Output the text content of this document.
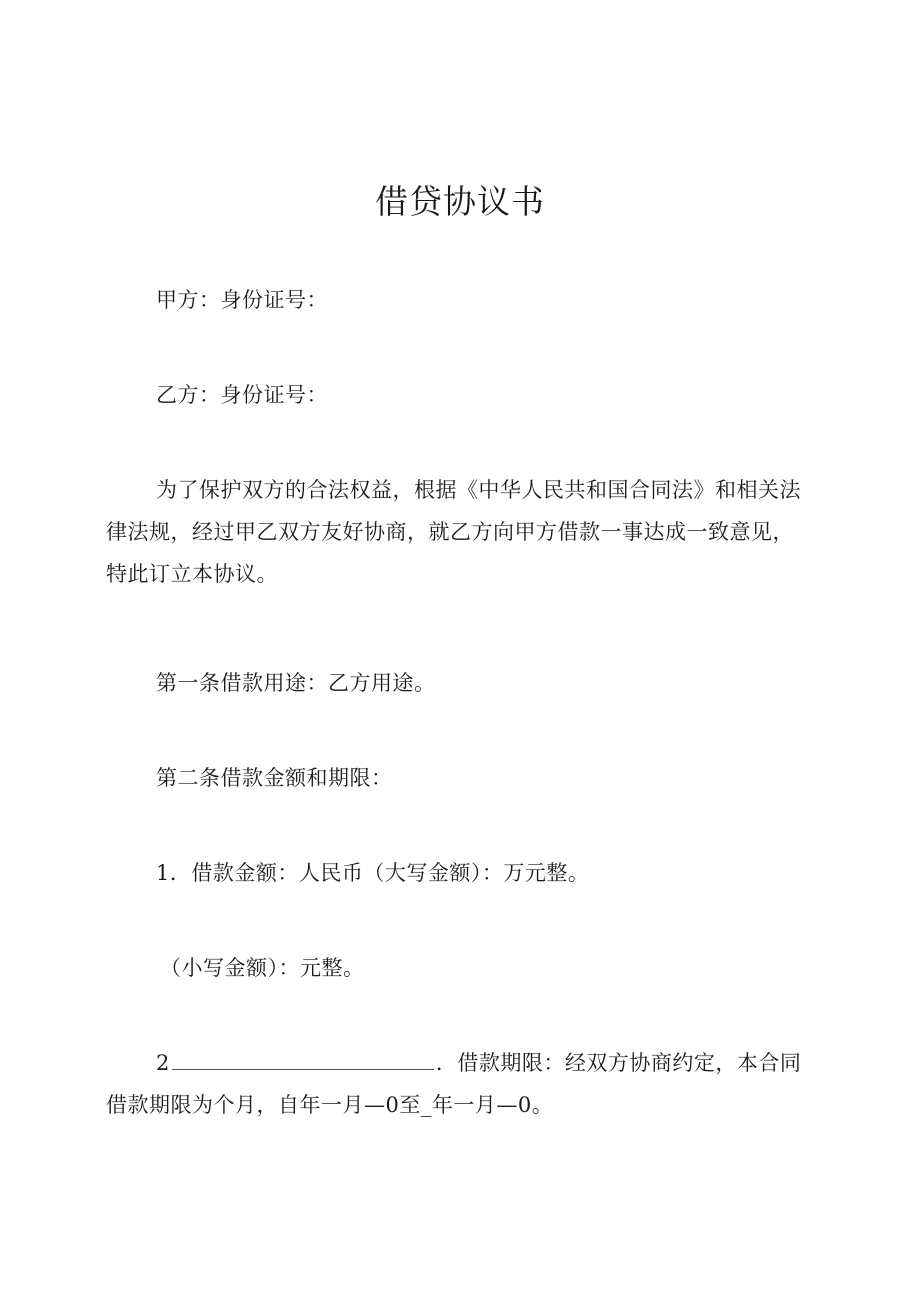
借贷协议书
甲方：身份证号：
乙方：身份证号：
为了保护双方的合法权益，根据《中华人民共和国合同法》和相关法律法规，经过甲乙双方友好协商，就乙方向甲方借款一事达成一致意见，特此订立本协议。
第一条借款用途：乙方用途。
第二条借款金额和期限：
1．借款金额：人民币（大写金额）：万元整。
（小写金额）：元整。
2	．借款期限：经双方协商约定，本合同借款期限为个月，自年一月—0至_年一月—0。
